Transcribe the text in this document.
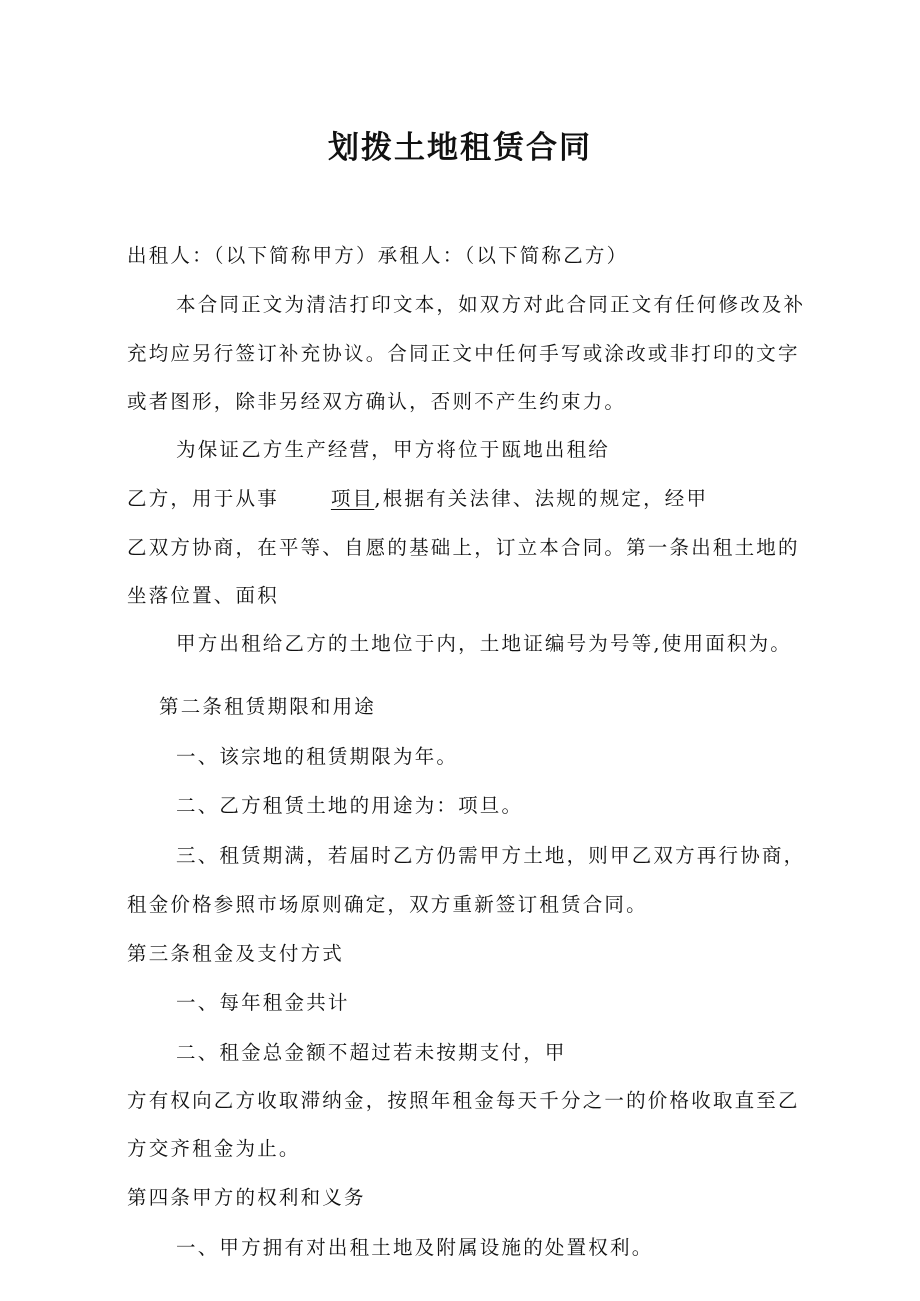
划拨土地租赁合同
出租人：（以下简称甲方）承租人：（以下简称乙方）
本合同正文为清洁打印文本，如双方对此合同正文有任何修改及补
充均应另行签订补充协议。合同正文中任何手写或涂改或非打印的文字
或者图形，除非另经双方确认，否则不产生约束力。
为保证乙方生产经营，甲方将位于瓯地出租给
乙方，用于从事	项目,根据有关法律、法规的规定，经甲
乙双方协商，在平等、自愿的基础上，订立本合同。第一条出租土地的
坐落位置、面积
甲方出租给乙方的土地位于内，土地证编号为号等,使用面积为。
第二条租赁期限和用途
一、该宗地的租赁期限为年。
二、乙方租赁土地的用途为：项旦。
三、租赁期满，若届时乙方仍需甲方土地，则甲乙双方再行协商，
租金价格参照市场原则确定，双方重新签订租赁合同。
第三条租金及支付方式
一、每年租金共计
二、租金总金额不超过若未按期支付，甲
方有权向乙方收取滞纳金，按照年租金每天千分之一的价格收取直至乙
方交齐租金为止。
第四条甲方的权利和义务
一、甲方拥有对出租土地及附属设施的处置权利。
